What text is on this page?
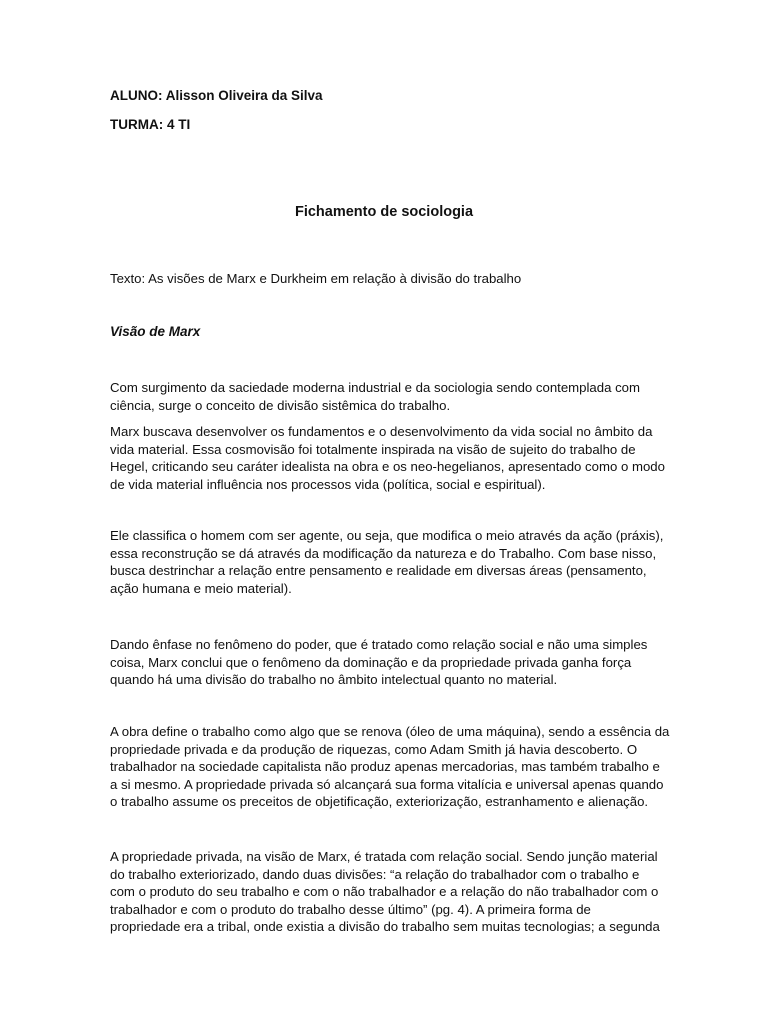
ALUNO: Alisson Oliveira da Silva
TURMA: 4 TI
Fichamento de sociologia
Texto: As visões de Marx e Durkheim em relação à divisão do trabalho
Visão de Marx
Com surgimento da saciedade moderna industrial e da sociologia sendo contemplada com
ciência, surge o conceito de divisão sistêmica do trabalho.
Marx buscava desenvolver os fundamentos e o desenvolvimento da vida social no âmbito da
vida material. Essa cosmovisão foi totalmente inspirada na visão de sujeito do trabalho de
Hegel, criticando seu caráter idealista na obra e os neo-hegelianos, apresentado como o modo
de vida material influência nos processos vida (política, social e espiritual).
Ele classifica o homem com ser agente, ou seja, que modifica o meio através da ação (práxis),
essa reconstrução se dá através da modificação da natureza e do Trabalho. Com base nisso,
busca destrinchar a relação entre pensamento e realidade em diversas áreas (pensamento,
ação humana e meio material).
Dando ênfase no fenômeno do poder, que é tratado como relação social e não uma simples
coisa, Marx conclui que o fenômeno da dominação e da propriedade privada ganha força
quando há uma divisão do trabalho no âmbito intelectual quanto no material.
A obra define o trabalho como algo que se renova (óleo de uma máquina), sendo a essência da
propriedade privada e da produção de riquezas, como Adam Smith já havia descoberto. O
trabalhador na sociedade capitalista não produz apenas mercadorias, mas também trabalho e
a si mesmo. A propriedade privada só alcançará sua forma vitalícia e universal apenas quando
o trabalho assume os preceitos de objetificação, exteriorização, estranhamento e alienação.
A propriedade privada, na visão de Marx, é tratada com relação social. Sendo junção material
do trabalho exteriorizado, dando duas divisões: “a relação do trabalhador com o trabalho e
com o produto do seu trabalho e com o não trabalhador e a relação do não trabalhador com o
trabalhador e com o produto do trabalho desse último” (pg. 4). A primeira forma de
propriedade era a tribal, onde existia a divisão do trabalho sem muitas tecnologias; a segunda
